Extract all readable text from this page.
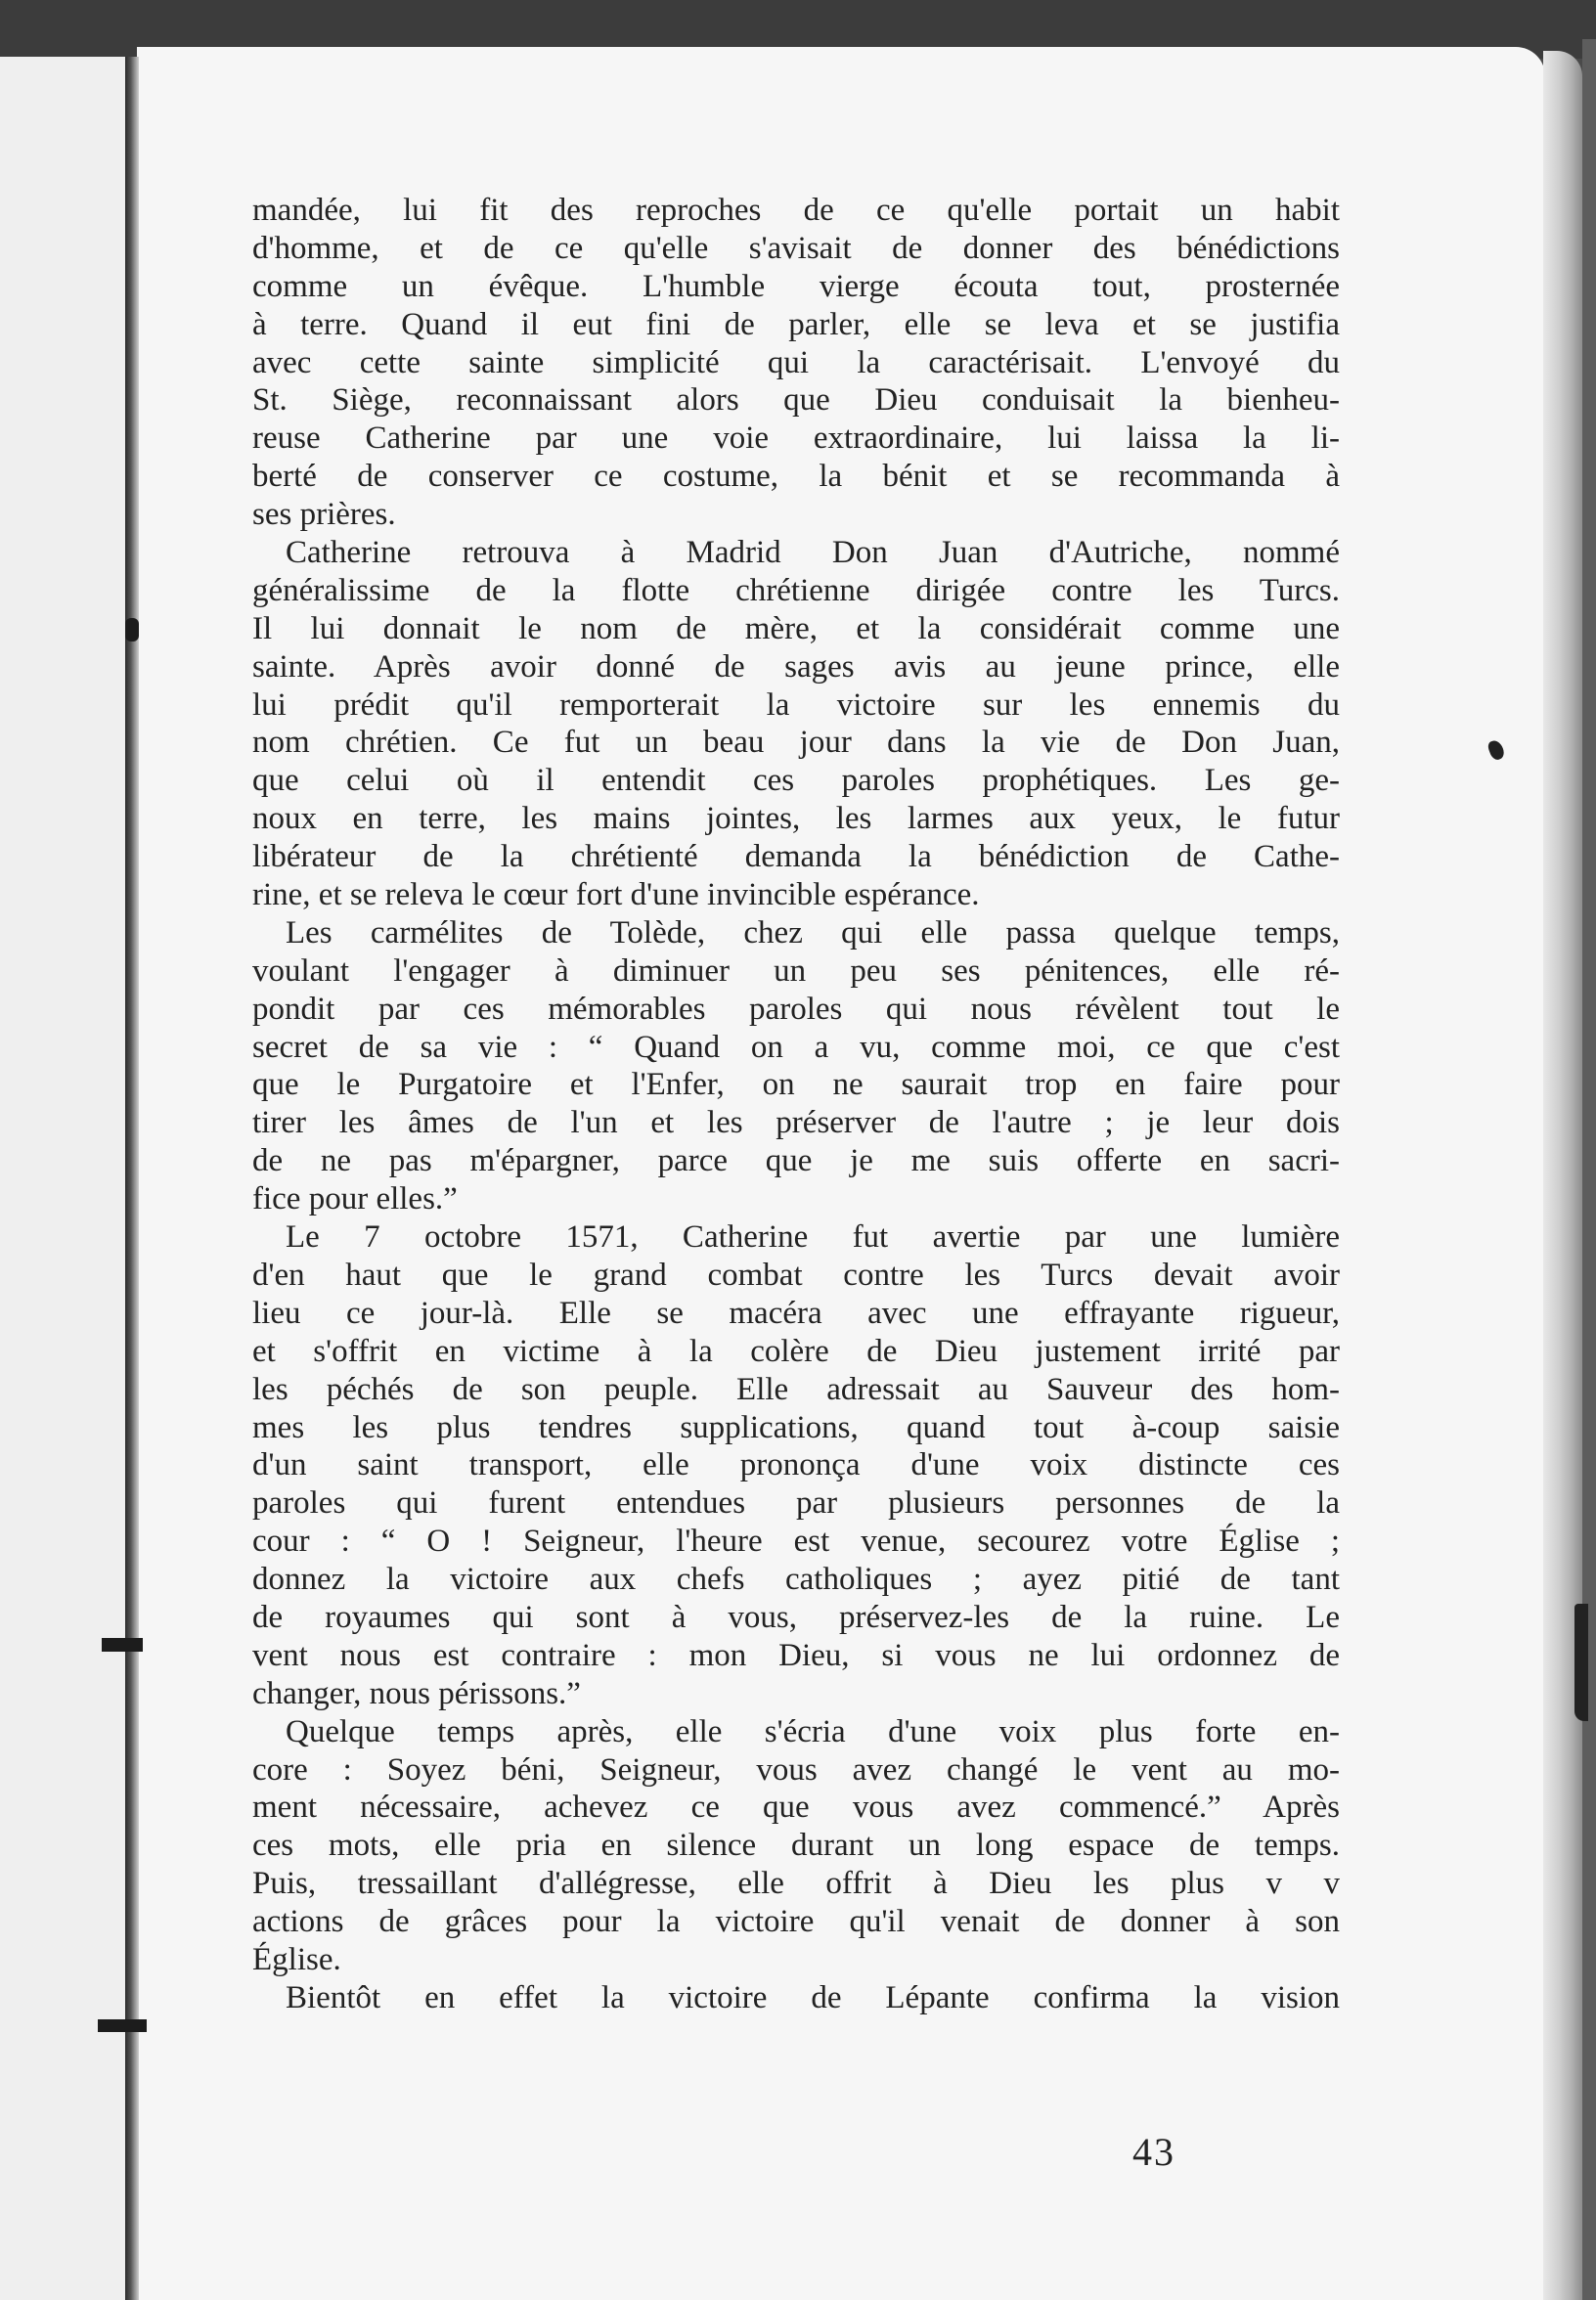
mandée, lui fit des reproches de ce qu'elle portait un habit
d'homme, et de ce qu'elle s'avisait de donner des bénédictions
comme un évêque. L'humble vierge écouta tout, prosternée
à terre. Quand il eut fini de parler, elle se leva et se justifia
avec cette sainte simplicité qui la caractérisait. L'envoyé du
St. Siège, reconnaissant alors que Dieu conduisait la bienheu-
reuse Catherine par une voie extraordinaire, lui laissa la li-
berté de conserver ce costume, la bénit et se recommanda à
ses prières.
Catherine retrouva à Madrid Don Juan d'Autriche, nommé
généralissime de la flotte chrétienne dirigée contre les Turcs.
Il lui donnait le nom de mère, et la considérait comme une
sainte. Après avoir donné de sages avis au jeune prince, elle
lui prédit qu'il remporterait la victoire sur les ennemis du
nom chrétien. Ce fut un beau jour dans la vie de Don Juan,
que celui où il entendit ces paroles prophétiques. Les ge-
noux en terre, les mains jointes, les larmes aux yeux, le futur
libérateur de la chrétienté demanda la bénédiction de Cathe-
rine, et se releva le cœur fort d'une invincible espérance.
Les carmélites de Tolède, chez qui elle passa quelque temps,
voulant l'engager à diminuer un peu ses pénitences, elle ré-
pondit par ces mémorables paroles qui nous révèlent tout le
secret de sa vie : “ Quand on a vu, comme moi, ce que c'est
que le Purgatoire et l'Enfer, on ne saurait trop en faire pour
tirer les âmes de l'un et les préserver de l'autre ; je leur dois
de ne pas m'épargner, parce que je me suis offerte en sacri-
fice pour elles.”
Le 7 octobre 1571, Catherine fut avertie par une lumière
d'en haut que le grand combat contre les Turcs devait avoir
lieu ce jour-là. Elle se macéra avec une effrayante rigueur,
et s'offrit en victime à la colère de Dieu justement irrité par
les péchés de son peuple. Elle adressait au Sauveur des hom-
mes les plus tendres supplications, quand tout à-coup saisie
d'un saint transport, elle prononça d'une voix distincte ces
paroles qui furent entendues par plusieurs personnes de la
cour : “ O ! Seigneur, l'heure est venue, secourez votre Église ;
donnez la victoire aux chefs catholiques ; ayez pitié de tant
de royaumes qui sont à vous, préservez-les de la ruine. Le
vent nous est contraire : mon Dieu, si vous ne lui ordonnez de
changer, nous périssons.”
Quelque temps après, elle s'écria d'une voix plus forte en-
core : Soyez béni, Seigneur, vous avez changé le vent au mo-
ment nécessaire, achevez ce que vous avez commencé.” Après
ces mots, elle pria en silence durant un long espace de temps.
Puis, tressaillant d'allégresse, elle offrit à Dieu les plus v v
actions de grâces pour la victoire qu'il venait de donner à son
Église.
Bientôt en effet la victoire de Lépante confirma la vision
43
